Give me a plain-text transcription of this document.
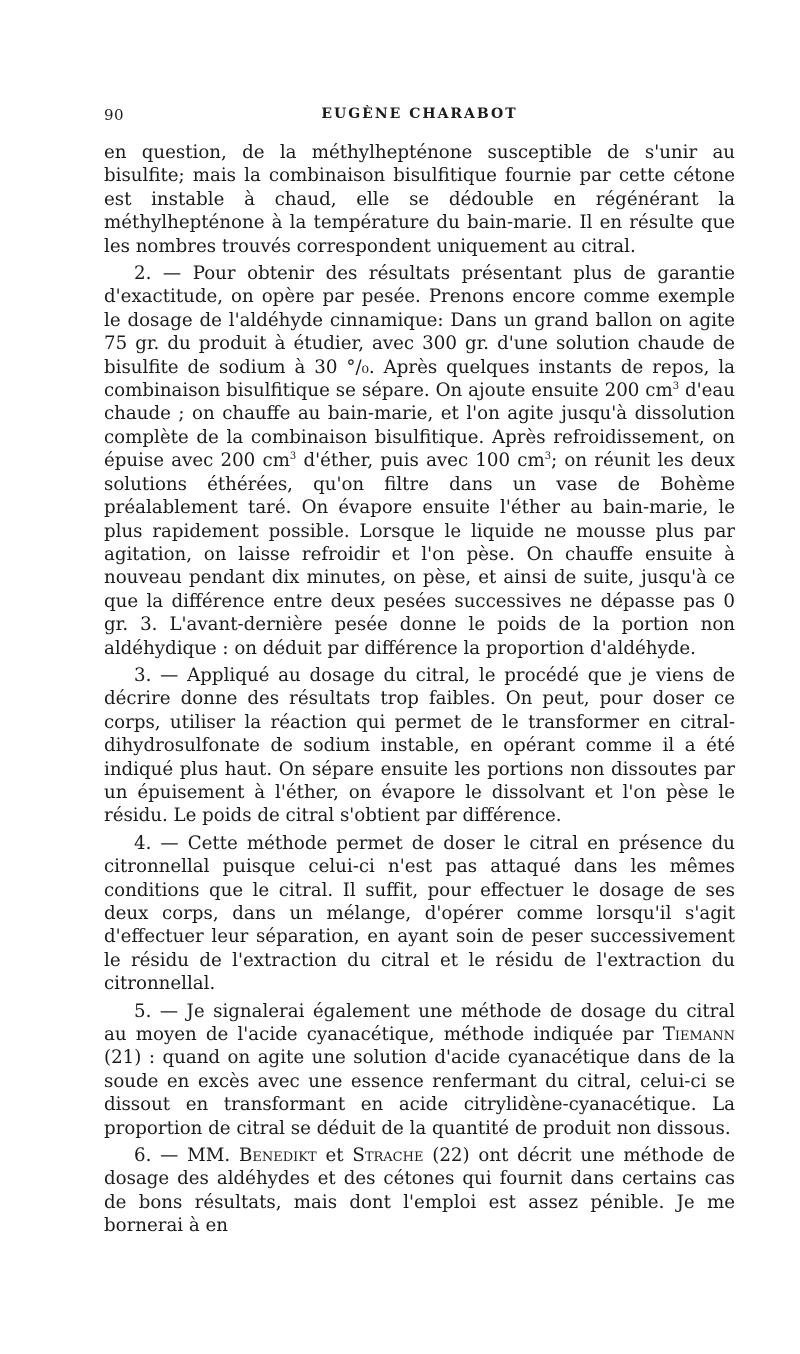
90	EUGÈNE CHARABOT

en question, de la méthylhepténone susceptible de s'unir au bisulfite; mais la combinaison bisulfitique fournie par cette cétone est instable à chaud, elle se dédouble en régénérant la méthylhepténone à la température du bain-marie. Il en résulte que les nombres trouvés correspondent uniquement au citral.

2. — Pour obtenir des résultats présentant plus de garantie d'exactitude, on opère par pesée. Prenons encore comme exemple le dosage de l'aldéhyde cinnamique: Dans un grand ballon on agite 75 gr. du produit à étudier, avec 300 gr. d'une solution chaude de bisulfite de sodium à 30 °/₀. Après quelques instants de repos, la combinaison bisulfitique se sépare. On ajoute ensuite 200 $cm^3$ d'eau chaude ; on chauffe au bain-marie, et l'on agite jusqu'à dissolution complète de la combinaison bisulfitique. Après refroidissement, on épuise avec 200 $cm^3$ d'éther, puis avec 100 $cm^3$; on réunit les deux solutions éthérées, qu'on filtre dans un vase de Bohème préalablement taré. On évapore ensuite l'éther au bain-marie, le plus rapidement possible. Lorsque le liquide ne mousse plus par agitation, on laisse refroidir et l'on pèse. On chauffe ensuite à nouveau pendant dix minutes, on pèse, et ainsi de suite, jusqu'à ce que la différence entre deux pesées successives ne dépasse pas 0 gr. 3. L'avant-dernière pesée donne le poids de la portion non aldéhydique : on déduit par différence la proportion d'aldéhyde.

3. — Appliqué au dosage du citral, le procédé que je viens de décrire donne des résultats trop faibles. On peut, pour doser ce corps, utiliser la réaction qui permet de le transformer en citral-dihydrosulfonate de sodium instable, en opérant comme il a été indiqué plus haut. On sépare ensuite les portions non dissoutes par un épuisement à l'éther, on évapore le dissolvant et l'on pèse le résidu. Le poids de citral s'obtient par différence.

4. — Cette méthode permet de doser le citral en présence du citronnellal puisque celui-ci n'est pas attaqué dans les mêmes conditions que le citral. Il suffit, pour effectuer le dosage de ses deux corps, dans un mélange, d'opérer comme lorsqu'il s'agit d'effectuer leur séparation, en ayant soin de peser successivement le résidu de l'extraction du citral et le résidu de l'extraction du citronnellal.

5. — Je signalerai également une méthode de dosage du citral au moyen de l'acide cyanacétique, méthode indiquée par Tiemann (21) : quand on agite une solution d'acide cyanacétique dans de la soude en excès avec une essence renfermant du citral, celui-ci se dissout en transformant en acide citrylidène-cyanacétique. La proportion de citral se déduit de la quantité de produit non dissous.

6. — MM. Benedikt et Strache (22) ont décrit une méthode de dosage des aldéhydes et des cétones qui fournit dans certains cas de bons résultats, mais dont l'emploi est assez pénible. Je me bornerai à en
